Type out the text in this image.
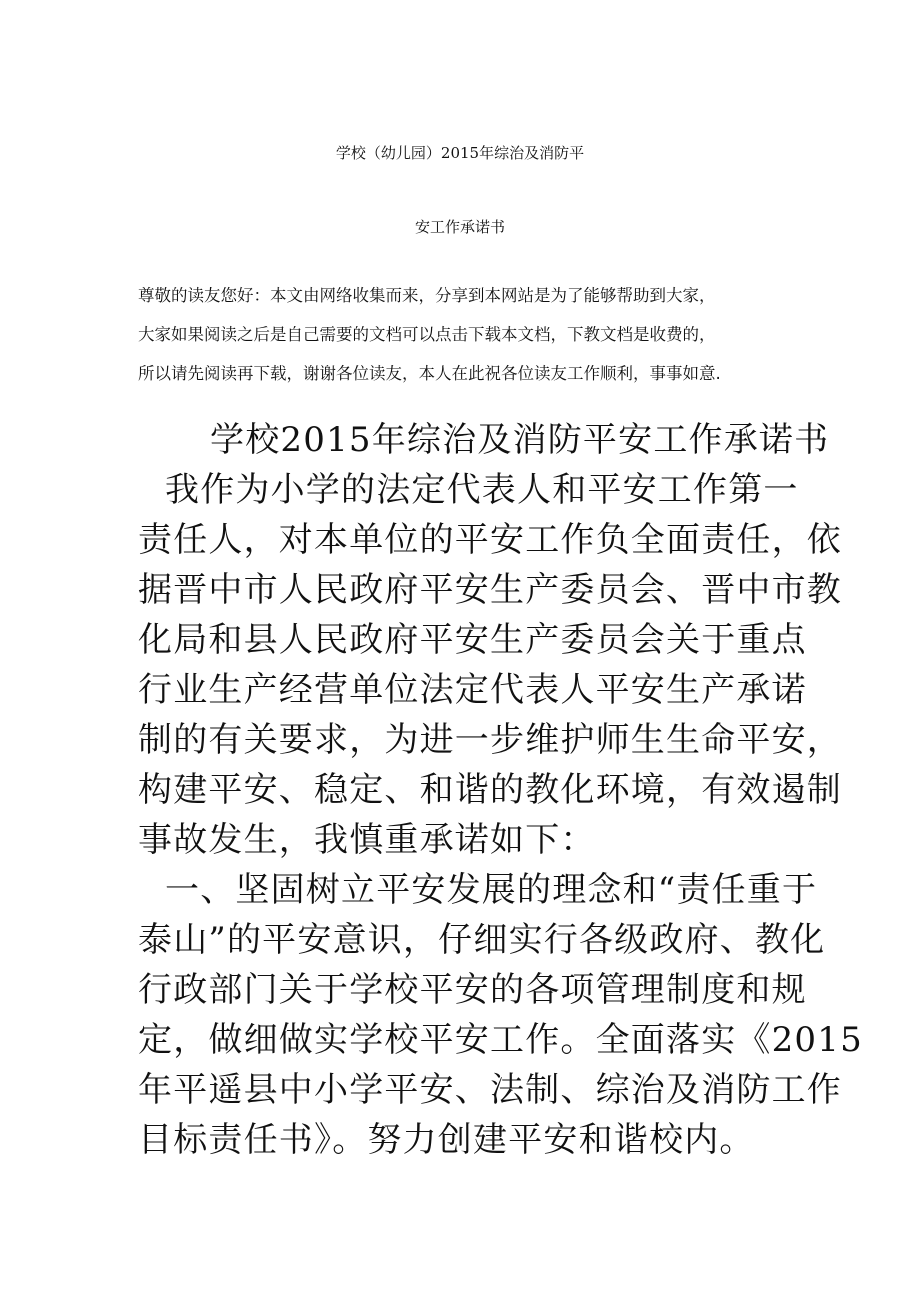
学校（幼儿园）2015年综治及消防平
安工作承诺书
尊敬的读友您好：本文由网络收集而来，分享到本网站是为了能够帮助到大家，
大家如果阅读之后是自己需要的文档可以点击下载本文档，下教文档是收费的，
所以请先阅读再下载，谢谢各位读友，本人在此祝各位读友工作顺利，事事如意.
学校2015年综治及消防平安工作承诺书
我作为小学的法定代表人和平安工作第一
责任人，对本单位的平安工作负全面责任，依
据晋中市人民政府平安生产委员会、晋中市教
化局和县人民政府平安生产委员会关于重点
行业生产经营单位法定代表人平安生产承诺
制的有关要求，为进一步维护师生生命平安，
构建平安、稳定、和谐的教化环境，有效遏制
事故发生，我慎重承诺如下：
一、坚固树立平安发展的理念和“责任重于
泰山”的平安意识，仔细实行各级政府、教化
行政部门关于学校平安的各项管理制度和规
定，做细做实学校平安工作。全面落实《2015
年平遥县中小学平安、法制、综治及消防工作
目标责任书》。努力创建平安和谐校内。
